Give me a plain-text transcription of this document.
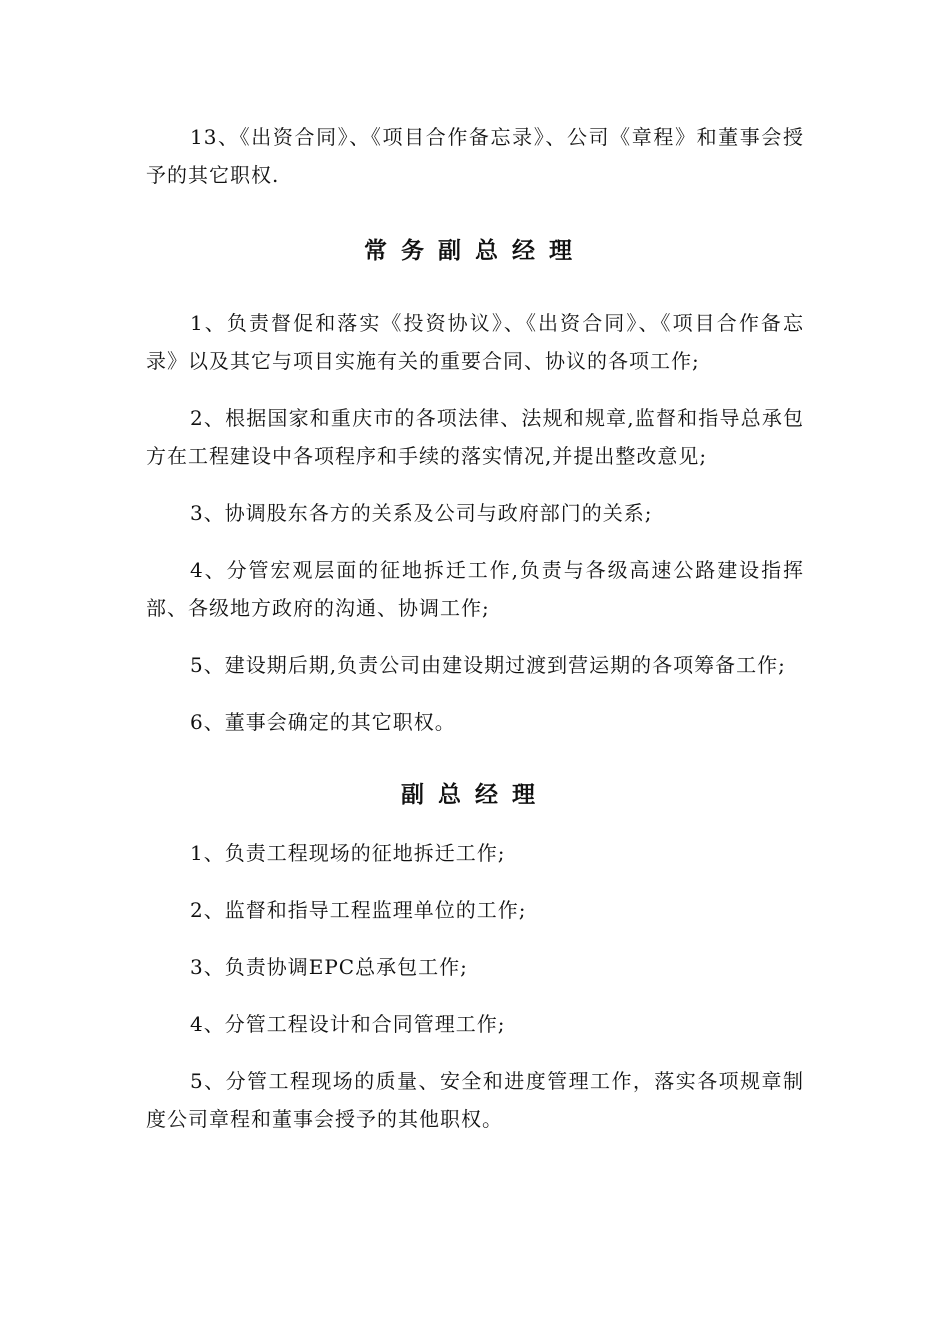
13、《出资合同》、《项目合作备忘录》、公司《章程》和董事会授予的其它职权.

常务副总经理

1、负责督促和落实《投资协议》、《出资合同》、《项目合作备忘录》以及其它与项目实施有关的重要合同、协议的各项工作;

2、根据国家和重庆市的各项法律、法规和规章,监督和指导总承包方在工程建设中各项程序和手续的落实情况,并提出整改意见;

3、协调股东各方的关系及公司与政府部门的关系;

4、分管宏观层面的征地拆迁工作,负责与各级高速公路建设指挥部、各级地方政府的沟通、协调工作;

5、建设期后期,负责公司由建设期过渡到营运期的各项筹备工作;

6、董事会确定的其它职权。

副总经理

1、负责工程现场的征地拆迁工作;

2、监督和指导工程监理单位的工作;

3、负责协调EPC总承包工作;

4、分管工程设计和合同管理工作;

5、分管工程现场的质量、安全和进度管理工作，落实各项规章制度公司章程和董事会授予的其他职权。
